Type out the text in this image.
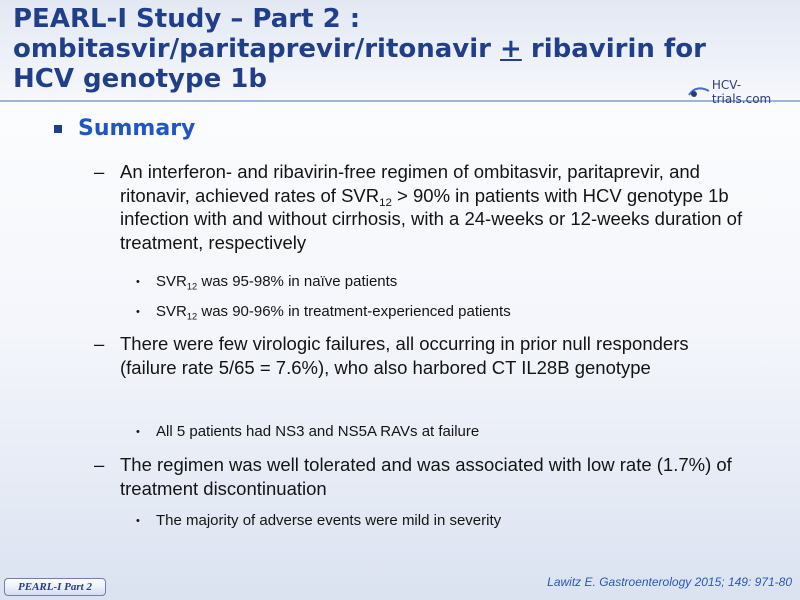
PEARL-I Study – Part 2 :
ombitasvir/paritaprevir/ritonavir + ribavirin for
HCV genotype 1b	HCV-trials.com
Summary
– An interferon- and ribavirin-free regimen of ombitasvir, paritaprevir, and ritonavir, achieved rates of $SVR_{12} > 90\%$ in patients with HCV genotype 1b infection with and without cirrhosis, with a 24-weeks or 12-weeks duration of treatment, respectively
•	$SVR_{12}$ was 95-98% in naïve patients
•	$SVR_{12}$ was 90-96% in treatment-experienced patients
– There were few virologic failures, all occurring in prior null responders (failure rate 5/65 = 7.6%), who also harbored CT IL28B genotype
•	All 5 patients had NS3 and NS5A RAVs at failure
– The regimen was well tolerated and was associated with low rate (1.7%) of treatment discontinuation
•	The majority of adverse events were mild in severity
PEARL-I Part 2	Lawitz E. Gastroenterology 2015; 149: 971-80
